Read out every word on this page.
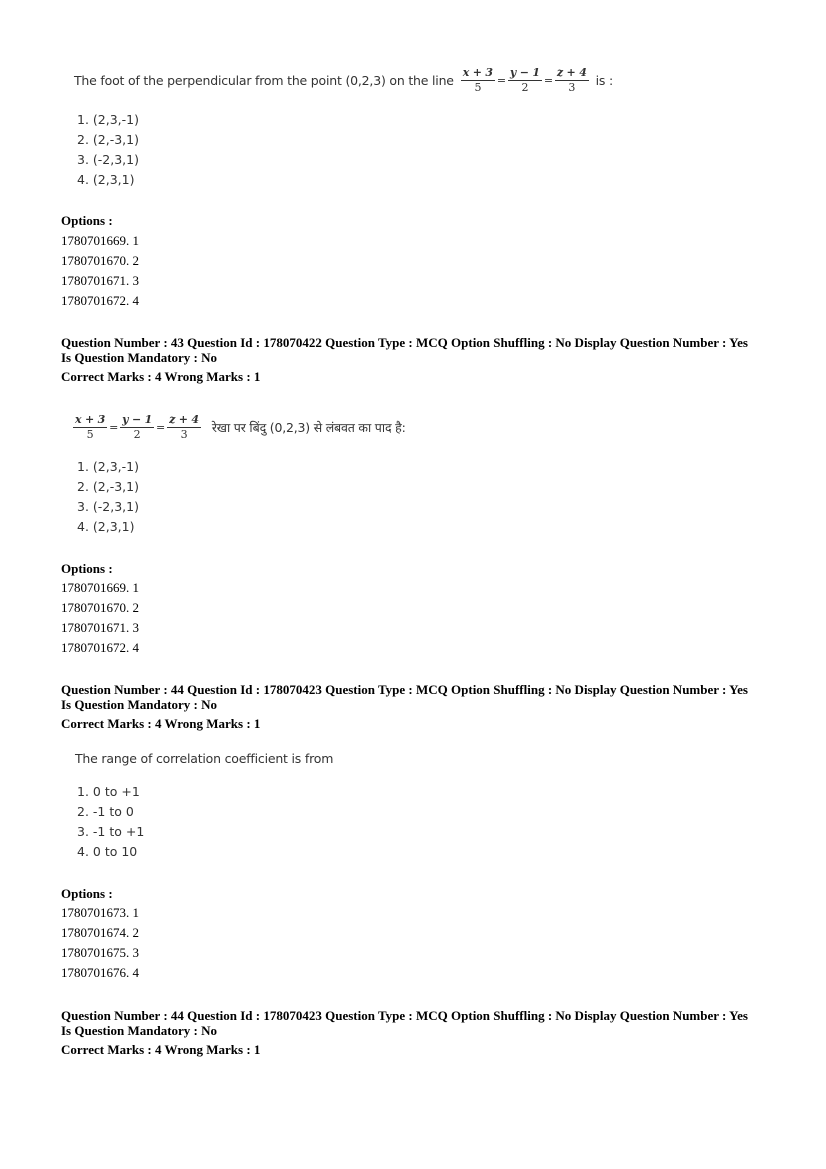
The foot of the perpendicular from the point (0,2,3) on the line $\frac{x + 3}{5} = \frac{y - 1}{2} = \frac{z + 4}{3}$ is :
1. (2,3,-1)
2. (2,-3,1)
3. (-2,3,1)
4. (2,3,1)
Options :
1780701669. 1
1780701670. 2
1780701671. 3
1780701672. 4
Question Number : 43 Question Id : 178070422 Question Type : MCQ Option Shuffling : No Display Question Number : Yes
Is Question Mandatory : No
Correct Marks : 4 Wrong Marks : 1
$\frac{x + 3}{5} = \frac{y - 1}{2} = \frac{z + 4}{3}$ रेखा पर बिंदु (0,2,3) से लंबवत का पाद है:
1. (2,3,-1)
2. (2,-3,1)
3. (-2,3,1)
4. (2,3,1)
Options :
1780701669. 1
1780701670. 2
1780701671. 3
1780701672. 4
Question Number : 44 Question Id : 178070423 Question Type : MCQ Option Shuffling : No Display Question Number : Yes
Is Question Mandatory : No
Correct Marks : 4 Wrong Marks : 1
The range of correlation coefficient is from
1. 0 to +1
2. -1 to 0
3. -1 to +1
4. 0 to 10
Options :
1780701673. 1
1780701674. 2
1780701675. 3
1780701676. 4
Question Number : 44 Question Id : 178070423 Question Type : MCQ Option Shuffling : No Display Question Number : Yes
Is Question Mandatory : No
Correct Marks : 4 Wrong Marks : 1
